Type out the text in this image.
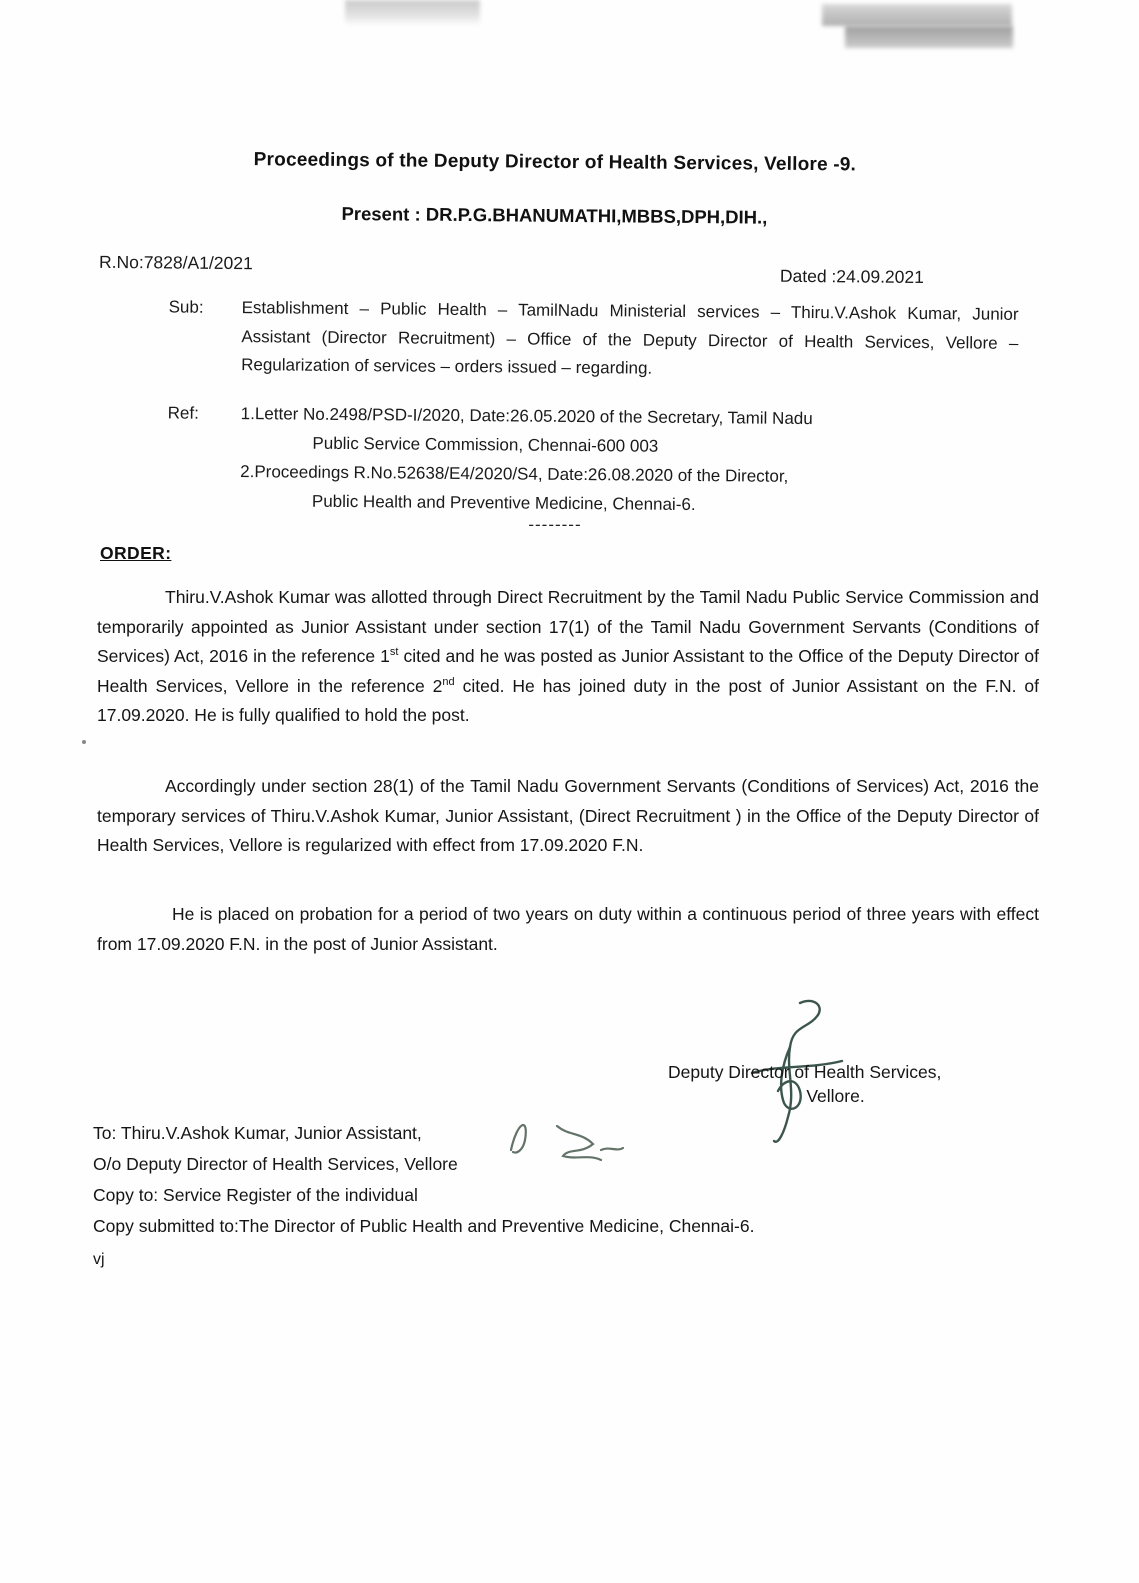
Proceedings of the Deputy Director of Health Services, Vellore -9.
Present : DR.P.G.BHANUMATHI,MBBS,DPH,DIH.,
R.No:7828/A1/2021
Dated :24.09.2021
Sub: Establishment – Public Health – TamilNadu Ministerial services – Thiru.V.Ashok Kumar, Junior Assistant (Director Recruitment) – Office of the Deputy Director of Health Services, Vellore – Regularization of services – orders issued – regarding.
Ref: 1.Letter No.2498/PSD-I/2020, Date:26.05.2020 of the Secretary, Tamil Nadu
Public Service Commission, Chennai-600 003
2.Proceedings R.No.52638/E4/2020/S4, Date:26.08.2020 of the Director,
Public Health and Preventive Medicine, Chennai-6.
--------
ORDER:
Thiru.V.Ashok Kumar was allotted through Direct Recruitment by the Tamil Nadu Public Service Commission and temporarily appointed as Junior Assistant under section 17(1) of the Tamil Nadu Government Servants (Conditions of Services) Act, 2016 in the reference 1st cited and he was posted as Junior Assistant to the Office of the Deputy Director of Health Services, Vellore in the reference 2nd cited. He has joined duty in the post of Junior Assistant on the F.N. of 17.09.2020. He is fully qualified to hold the post.
Accordingly under section 28(1) of the Tamil Nadu Government Servants (Conditions of Services) Act, 2016 the temporary services of Thiru.V.Ashok Kumar, Junior Assistant, (Direct Recruitment ) in the Office of the Deputy Director of Health Services, Vellore is regularized with effect from 17.09.2020 F.N.
He is placed on probation for a period of two years on duty within a continuous period of three years with effect from 17.09.2020 F.N. in the post of Junior Assistant.
Deputy Director of Health Services,
Vellore.
To: Thiru.V.Ashok Kumar, Junior Assistant,
O/o Deputy Director of Health Services, Vellore
Copy to: Service Register of the individual
Copy submitted to:The Director of Public Health and Preventive Medicine, Chennai-6.
vj
